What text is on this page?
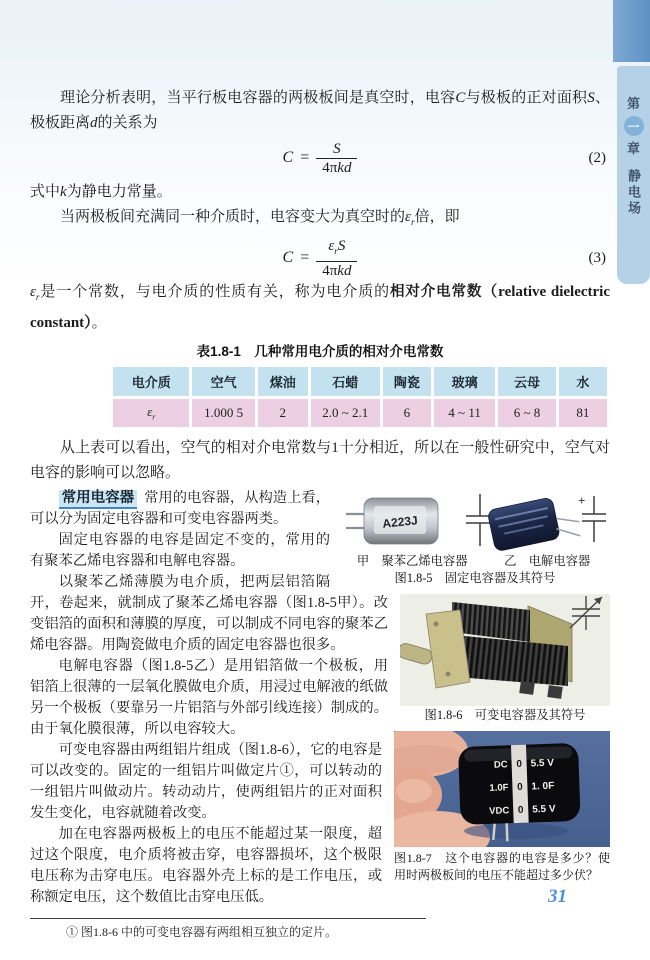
第
一
章
静电场

理论分析表明，当平行板电容器的两极板间是真空时，电容C与极板的正对面积S、极板距离d的关系为

$C = \frac{S}{\text{4πkd}}$	(2)

式中k为静电力常量。

当两极板间充满同一种介质时，电容变大为真空时的$\varepsilon_r$倍，即

$C = \frac{\varepsilon_rS}{\text{4πkd}}$	(3)

$\varepsilon_r$是一个常数，与电介质的性质有关，称为电介质的相对介电常数（relative dielectric constant）。

表1.8-1　几种常用电介质的相对介电常数
电介质	空气	煤油	石蜡	陶瓷	玻璃	云母	水
$\varepsilon_r$	1.000 5	2	2.0 ~ 2.1	6	4 ~ 11	6 ~ 8	81

从上表可以看出，空气的相对介电常数与1十分相近，所以在一般性研究中，空气对电容的影响可以忽略。

A223J
+
甲　聚苯乙烯电容器	乙　电解电容器
图1.8-5　固定电容器及其符号
图1.8-6　可变电容器及其符号
DC
1.0F
VDC
0
0
0
5.5 V
1. 0F
5.5 V
图1.8-7　这个电容器的电容是多少？使用时两极板间的电压不能超过多少伏？

常用电容器 常用的电容器，从构造上看，可以分为固定电容器和可变电容器两类。

固定电容器的电容是固定不变的，常用的有聚苯乙烯电容器和电解电容器。

以聚苯乙烯薄膜为电介质，把两层铝箔隔开，卷起来，就制成了聚苯乙烯电容器（图1.8-5甲）。改变铝箔的面积和薄膜的厚度，可以制成不同电容的聚苯乙烯电容器。用陶瓷做电介质的固定电容器也很多。

电解电容器（图1.8-5乙）是用铝箔做一个极板，用铝箔上很薄的一层氧化膜做电介质，用浸过电解液的纸做另一个极板（要靠另一片铝箔与外部引线连接）制成的。由于氧化膜很薄，所以电容较大。

可变电容器由两组铝片组成（图1.8-6），它的电容是可以改变的。固定的一组铝片叫做定片①，可以转动的一组铝片叫做动片。转动动片，使两组铝片的正对面积发生变化，电容就随着改变。

加在电容器两极板上的电压不能超过某一限度，超过这个限度，电介质将被击穿，电容器损坏，这个极限电压称为击穿电压。电容器外壳上标的是工作电压，或称额定电压，这个数值比击穿电压低。

① 图1.8-6 中的可变电容器有两组相互独立的定片。

31
